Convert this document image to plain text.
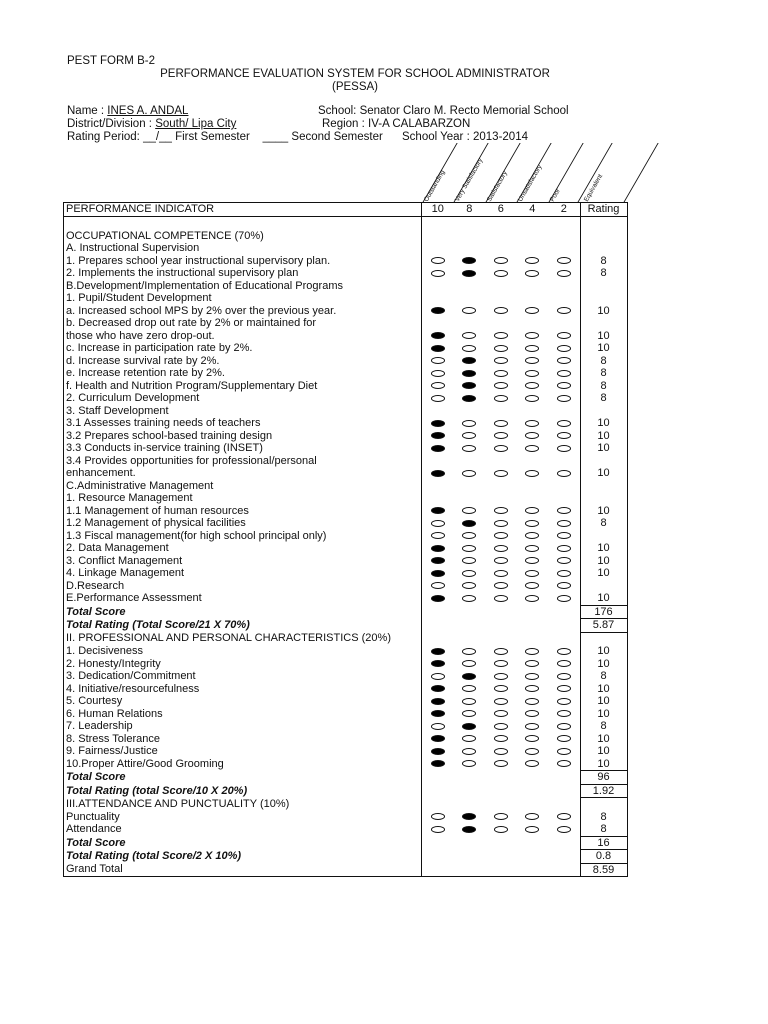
PEST FORM B-2
PERFORMANCE EVALUATION SYSTEM FOR SCHOOL ADMINISTRATOR
(PESSA)
Name : INES A. ANDAL	School: Senator Claro M. Recto Memorial School
District/Division : South/ Lipa City	Region : IV-A CALABARZON
Rating Period: __/__ First Semester ____ Second Semester School Year : 2013-2014
Outstanding Very Satisfactory Satisfactory Unsatisfactory Poor	Equivalent
PERFORMANCE INDICATOR	10	8	6	4	2	Rating

OCCUPATIONAL COMPETENCE (70%)						
A. Instructional Supervision						
1. Prepares school year instructional supervisory plan.						8
2. Implements the instructional supervisory plan						8
B.Development/Implementation of Educational Programs						
1. Pupil/Student Development						
a. Increased school MPS by 2% over the previous year.						10
b. Decreased drop out rate by 2% or maintained for						
those who have zero drop-out.						10
c. Increase in participation rate by 2%.						10
d. Increase survival rate by 2%.						8
e. Increase retention rate by 2%.						8
f. Health and Nutrition Program/Supplementary Diet						8
2. Curriculum Development						8
3. Staff Development						
3.1 Assesses training needs of teachers						10
3.2 Prepares school-based training design						10
3.3 Conducts in-service training (INSET)						10
3.4 Provides opportunities for professional/personal						
enhancement.						10
C.Administrative Management						
1. Resource Management						
1.1 Management of human resources						10
1.2 Management of physical facilities						8
1.3 Fiscal management(for high school principal only)						
2. Data Management						10
3. Conflict Management						10
4. Linkage Management						10
D.Research						
E.Performance Assessment						10
Total Score						176
Total Rating (Total Score/21 X 70%)						5.87
II. PROFESSIONAL AND PERSONAL CHARACTERISTICS (20%)						
1. Decisiveness						10
2. Honesty/Integrity						10
3. Dedication/Commitment						8
4. Initiative/resourcefulness						10
5. Courtesy						10
6. Human Relations						10
7. Leadership						8
8. Stress Tolerance						10
9. Fairness/Justice						10
10.Proper Attire/Good Grooming						10
Total Score						96
Total Rating (total Score/10 X 20%)						1.92
III.ATTENDANCE AND PUNCTUALITY (10%)						
Punctuality						8
Attendance						8
Total Score						16
Total Rating (total Score/2 X 10%)						0.8
Grand Total						8.59
